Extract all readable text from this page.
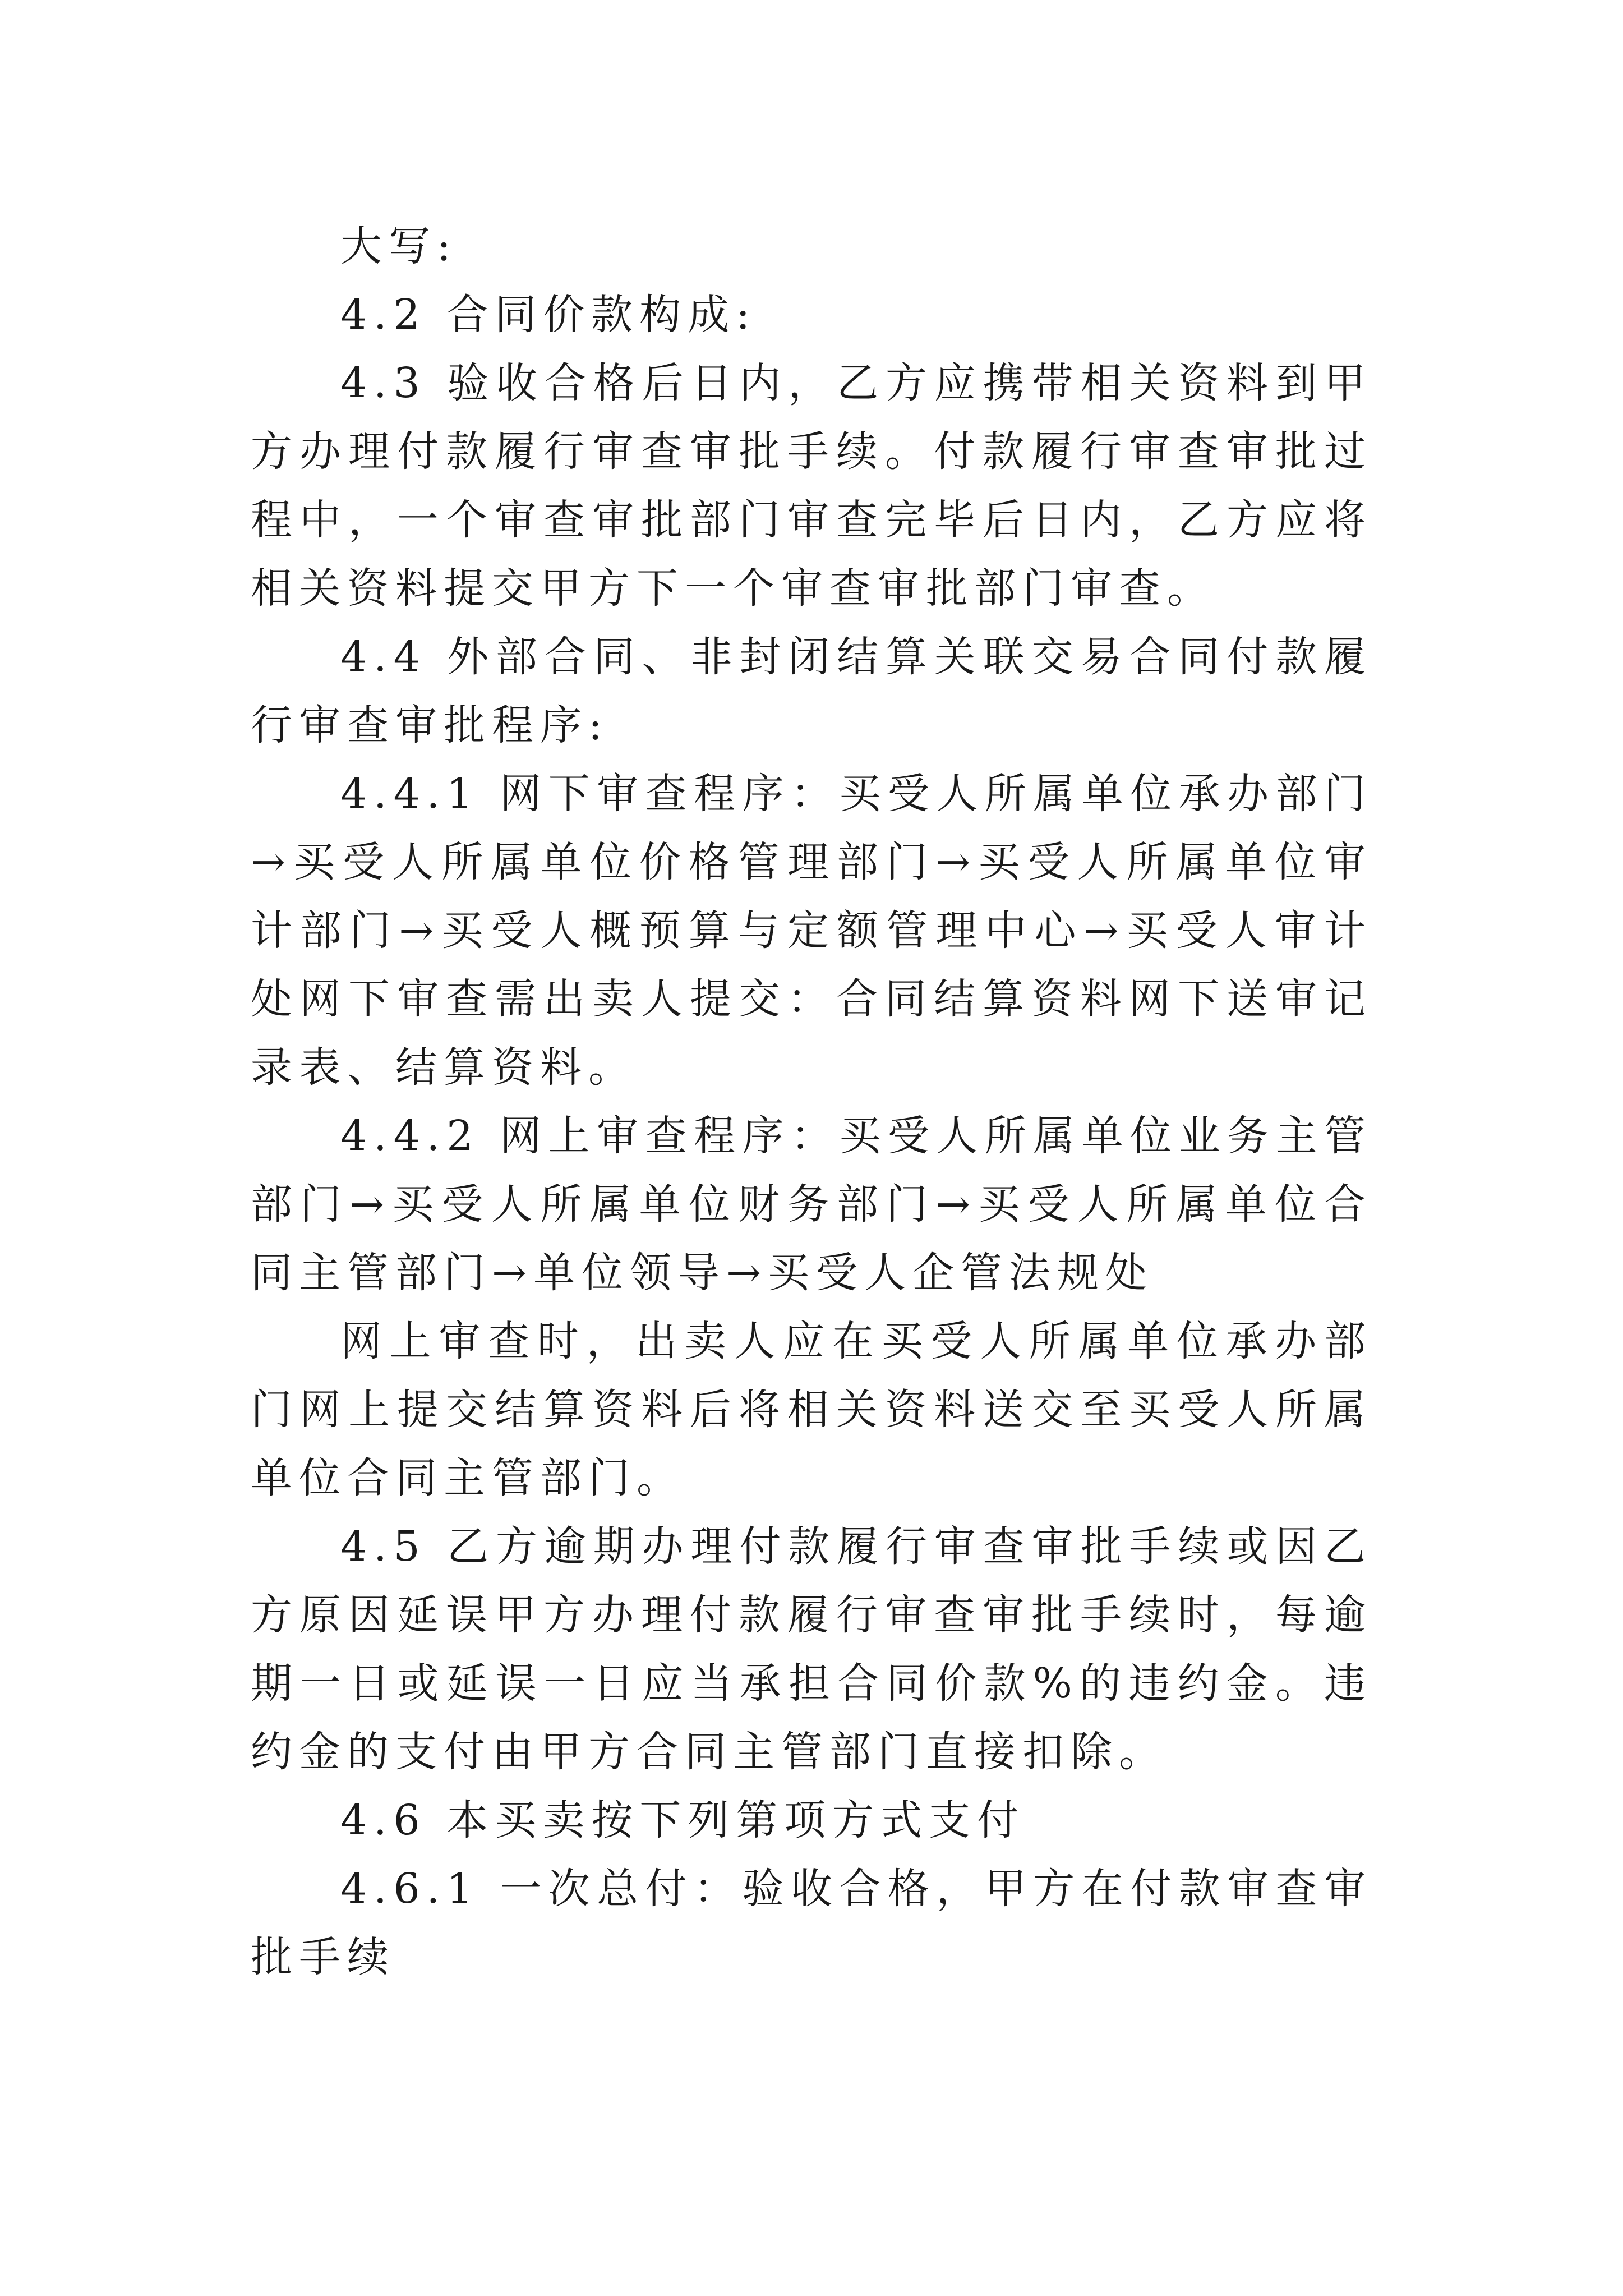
大写:

4.2 合同价款构成:

4.3 验收合格后日内，乙方应携带相关资料到甲方办理付款履行审查审批手续。付款履行审查审批过程中，一个审查审批部门审查完毕后日内，乙方应将相关资料提交甲方下一个审查审批部门审查。

4.4 外部合同、非封闭结算关联交易合同付款履行审查审批程序:

4.4.1 网下审查程序：买受人所属单位承办部门→买受人所属单位价格管理部门→买受人所属单位审计部门→买受人概预算与定额管理中心→买受人审计处网下审查需出卖人提交：合同结算资料网下送审记录表、结算资料。

4.4.2 网上审查程序：买受人所属单位业务主管部门→买受人所属单位财务部门→买受人所属单位合同主管部门→单位领导→买受人企管法规处

网上审查时，出卖人应在买受人所属单位承办部门网上提交结算资料后将相关资料送交至买受人所属单位合同主管部门。

4.5 乙方逾期办理付款履行审查审批手续或因乙方原因延误甲方办理付款履行审查审批手续时，每逾期一日或延误一日应当承担合同价款%的违约金。违约金的支付由甲方合同主管部门直接扣除。

4.6 本买卖按下列第项方式支付

4.6.1 一次总付：验收合格，甲方在付款审查审批手续
